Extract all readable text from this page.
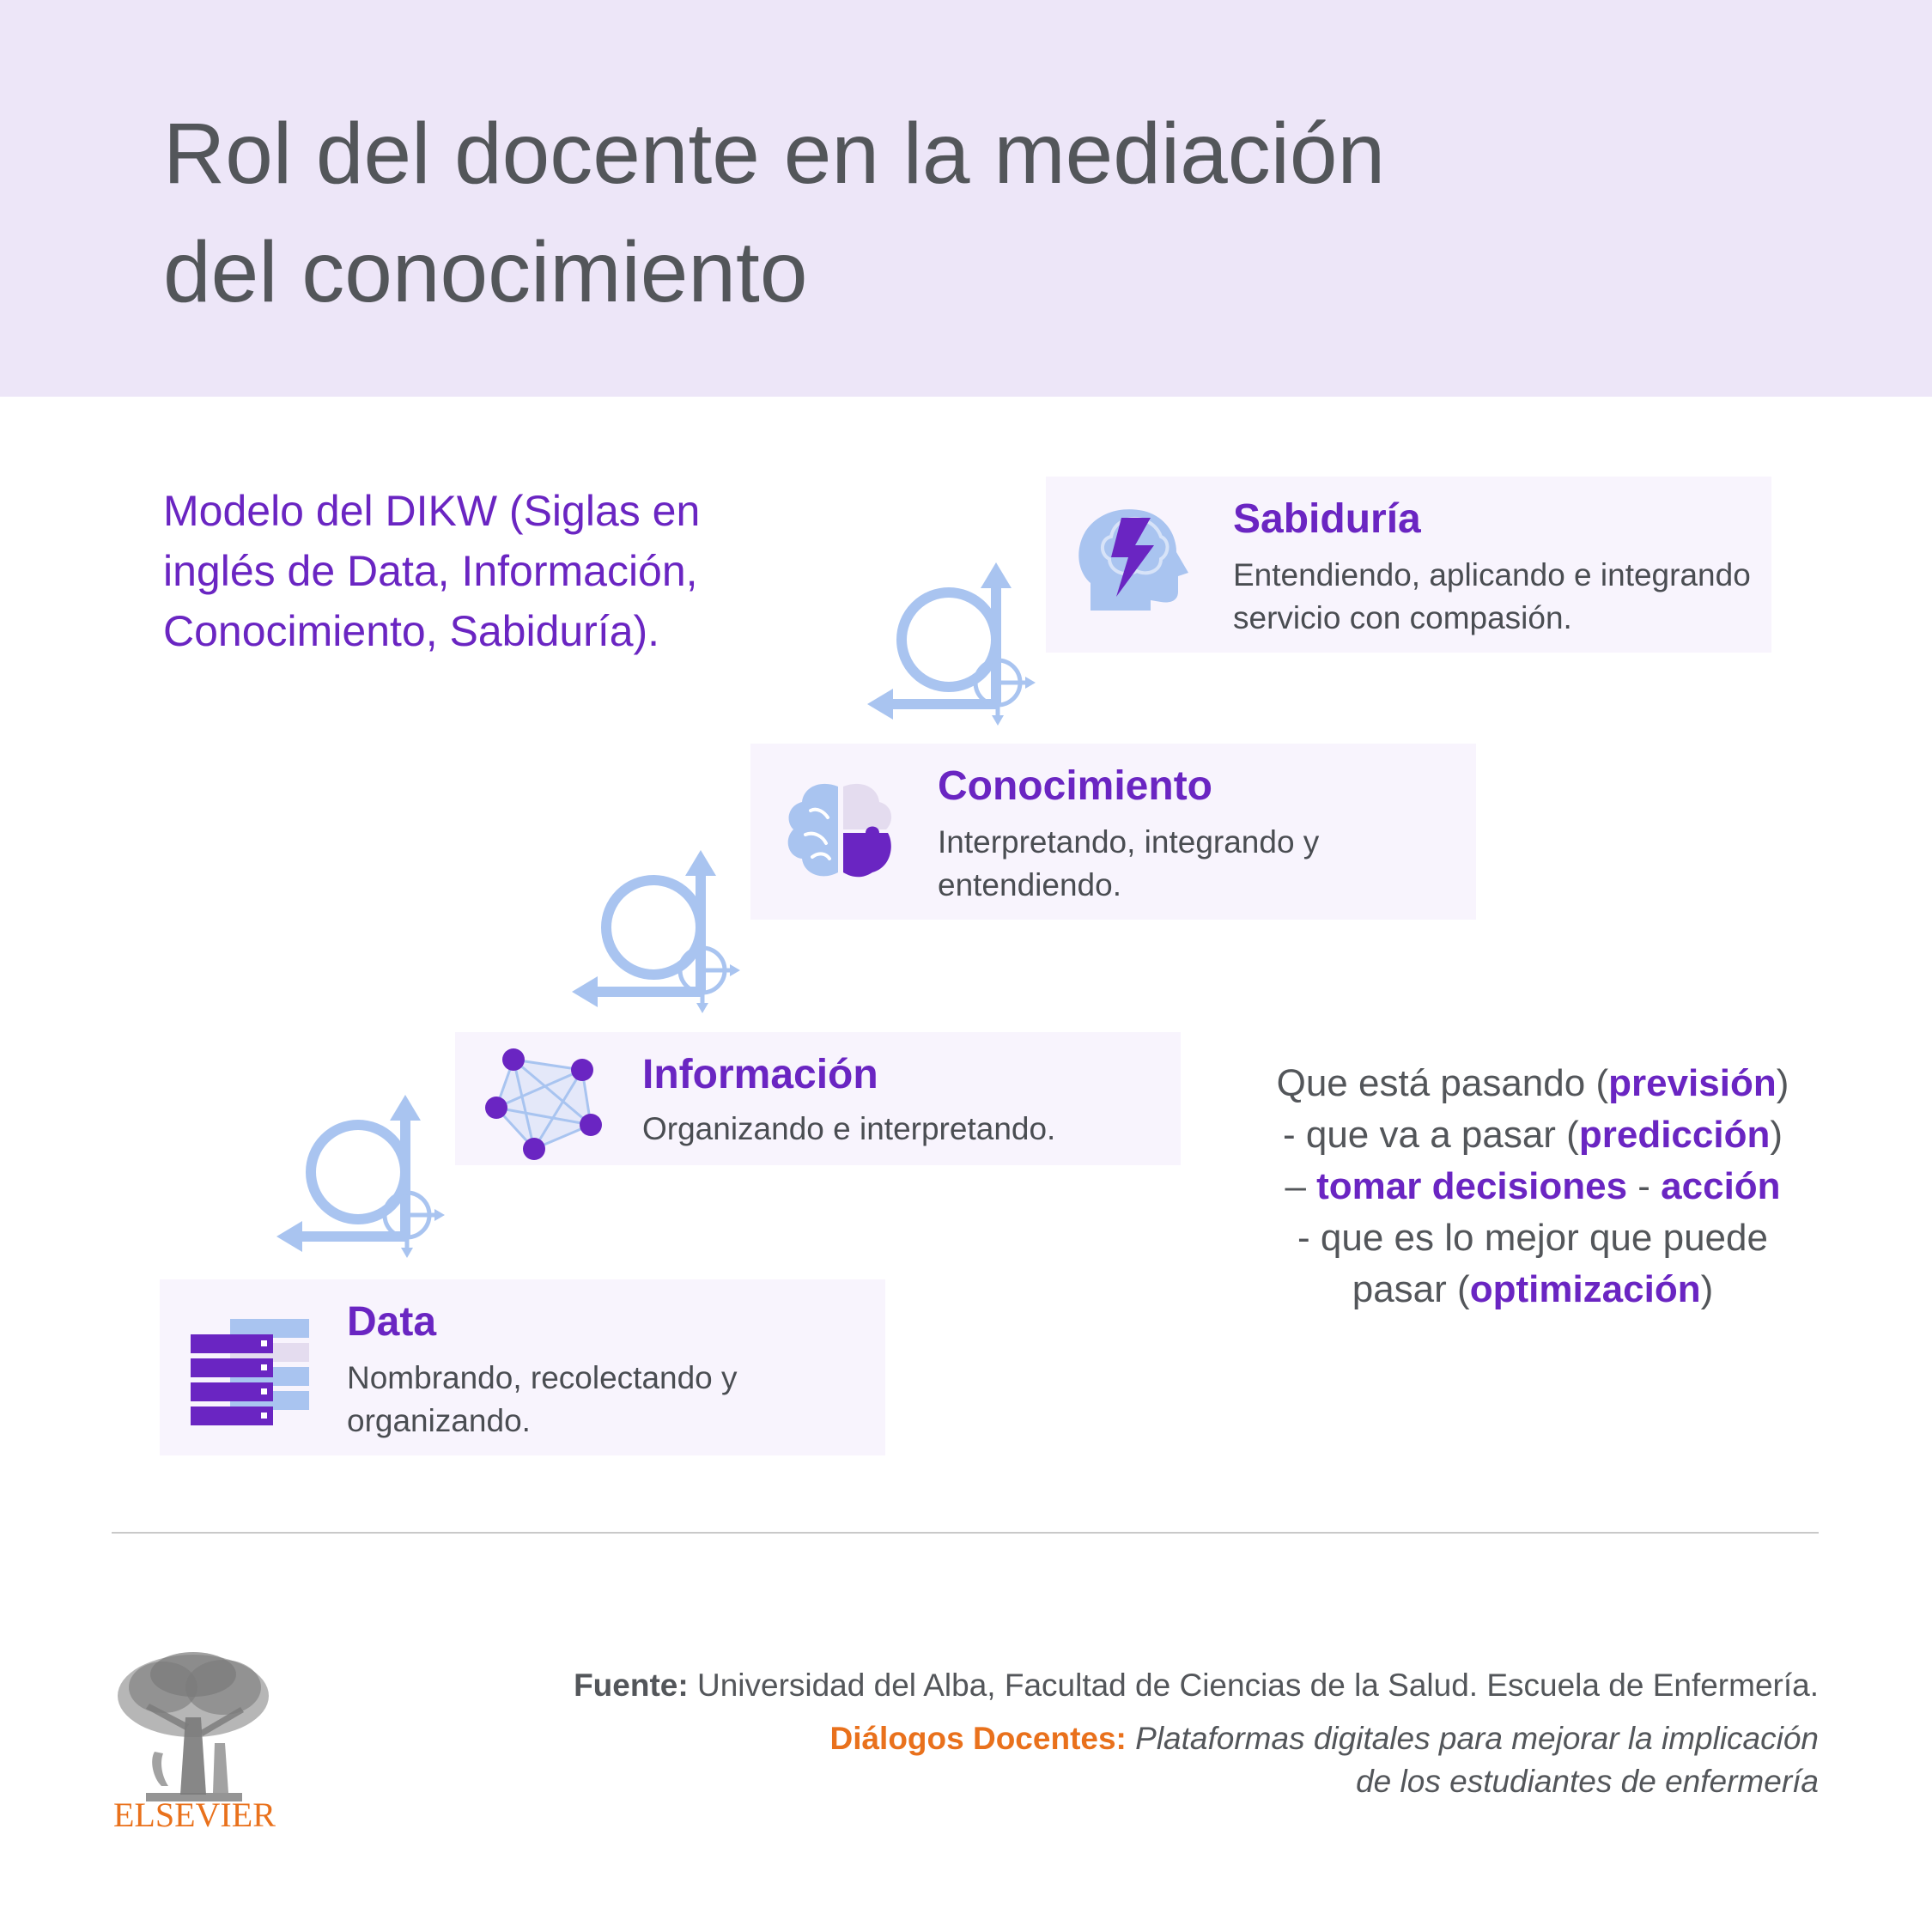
Rol del docente en la mediación
del conocimiento
Modelo del DIKW (Siglas en inglés de Data, Información, Conocimiento, Sabiduría).
Sabiduría
Entendiendo, aplicando e integrando servicio con compasión.
Conocimiento
Interpretando, integrando y entendiendo.
Información
Organizando e interpretando.
Data
Nombrando, recolectando y organizando.
Que está pasando (previsión)
- que va a pasar (predicción)
– tomar decisiones - acción
- que es lo mejor que puede
pasar (optimización)
ELSEVIER
Fuente: Universidad del Alba, Facultad de Ciencias de la Salud. Escuela de Enfermería.
Diálogos Docentes: Plataformas digitales para mejorar la implicación
de los estudiantes de enfermería
